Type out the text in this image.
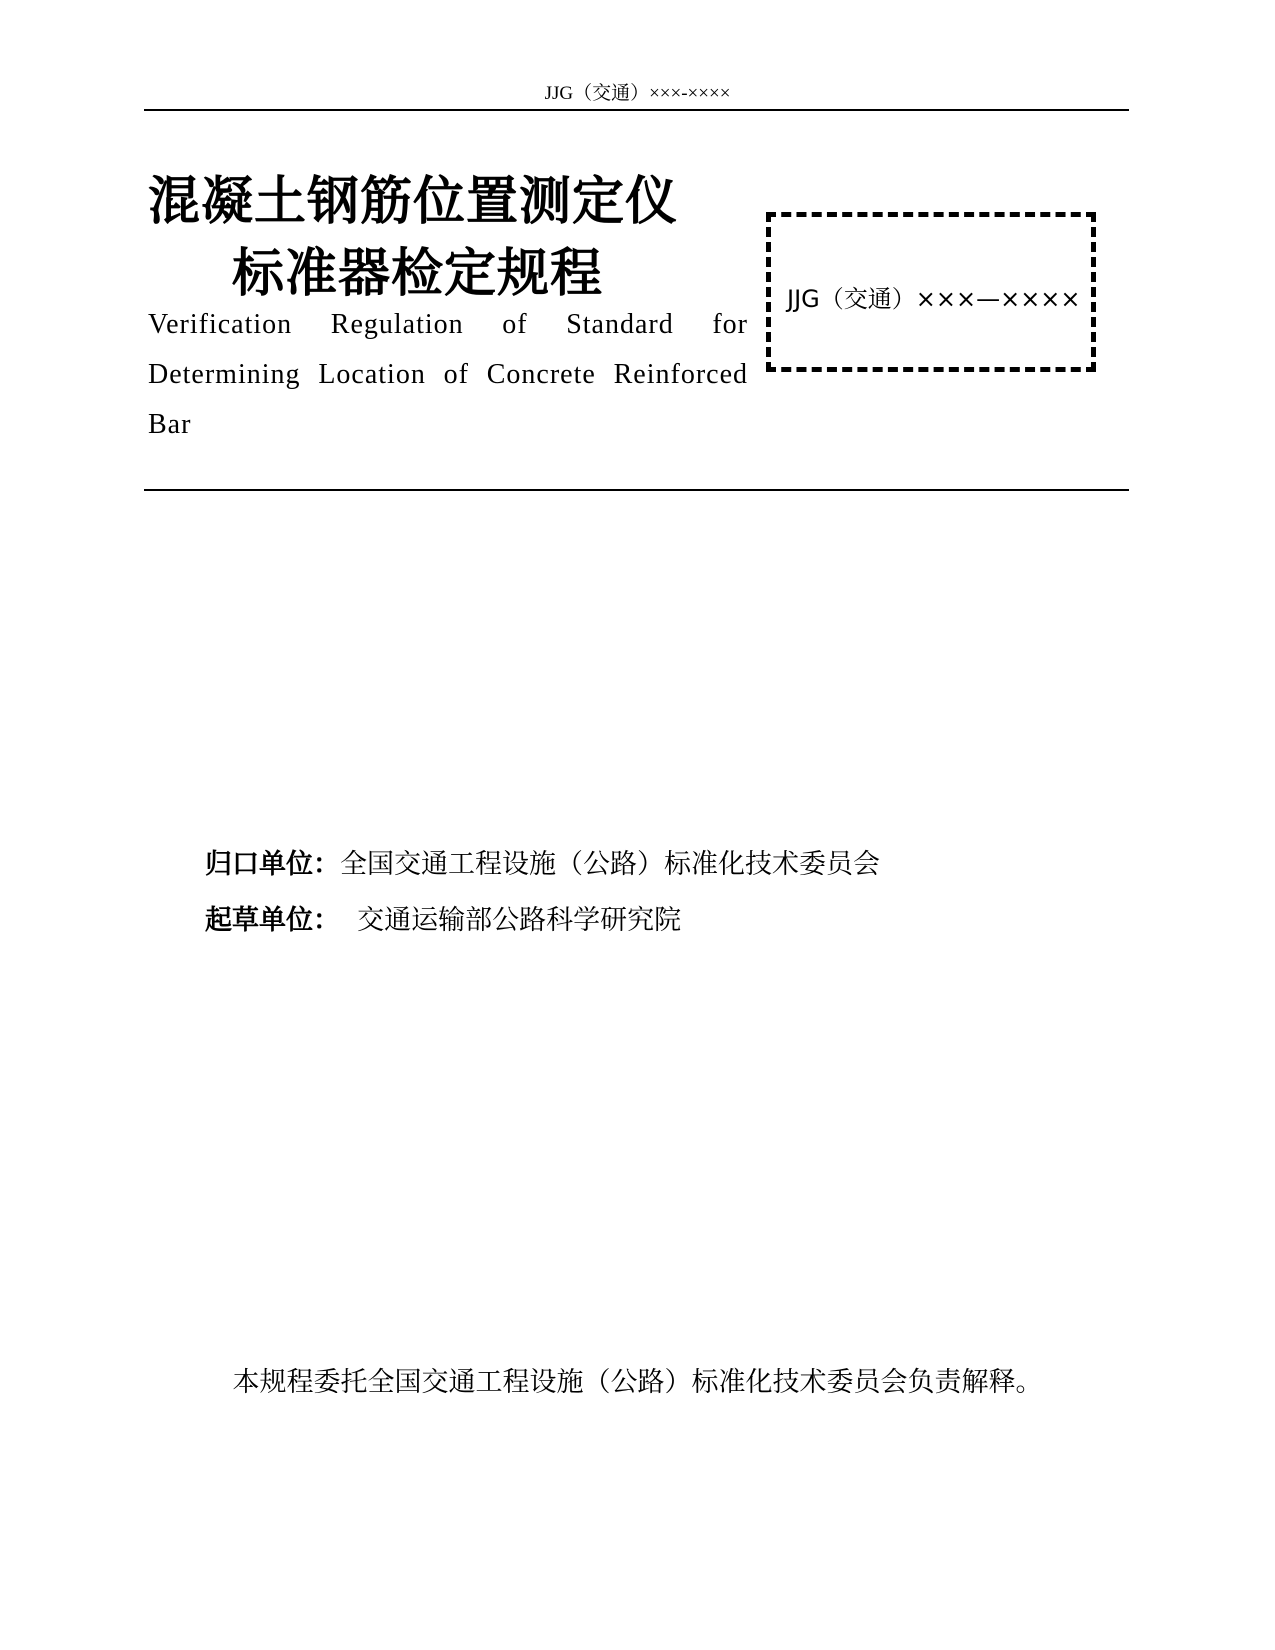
JJG（交通）×××-××××
混凝土钢筋位置测定仪
标准器检定规程

Verification Regulation of Standard for Determining Location of Concrete Reinforced Bar

JJG（交通）×××—××××
归口单位：全国交通工程设施（公路）标准化技术委员会
起草单位： 交通运输部公路科学研究院
本规程委托全国交通工程设施（公路）标准化技术委员会负责解释。
